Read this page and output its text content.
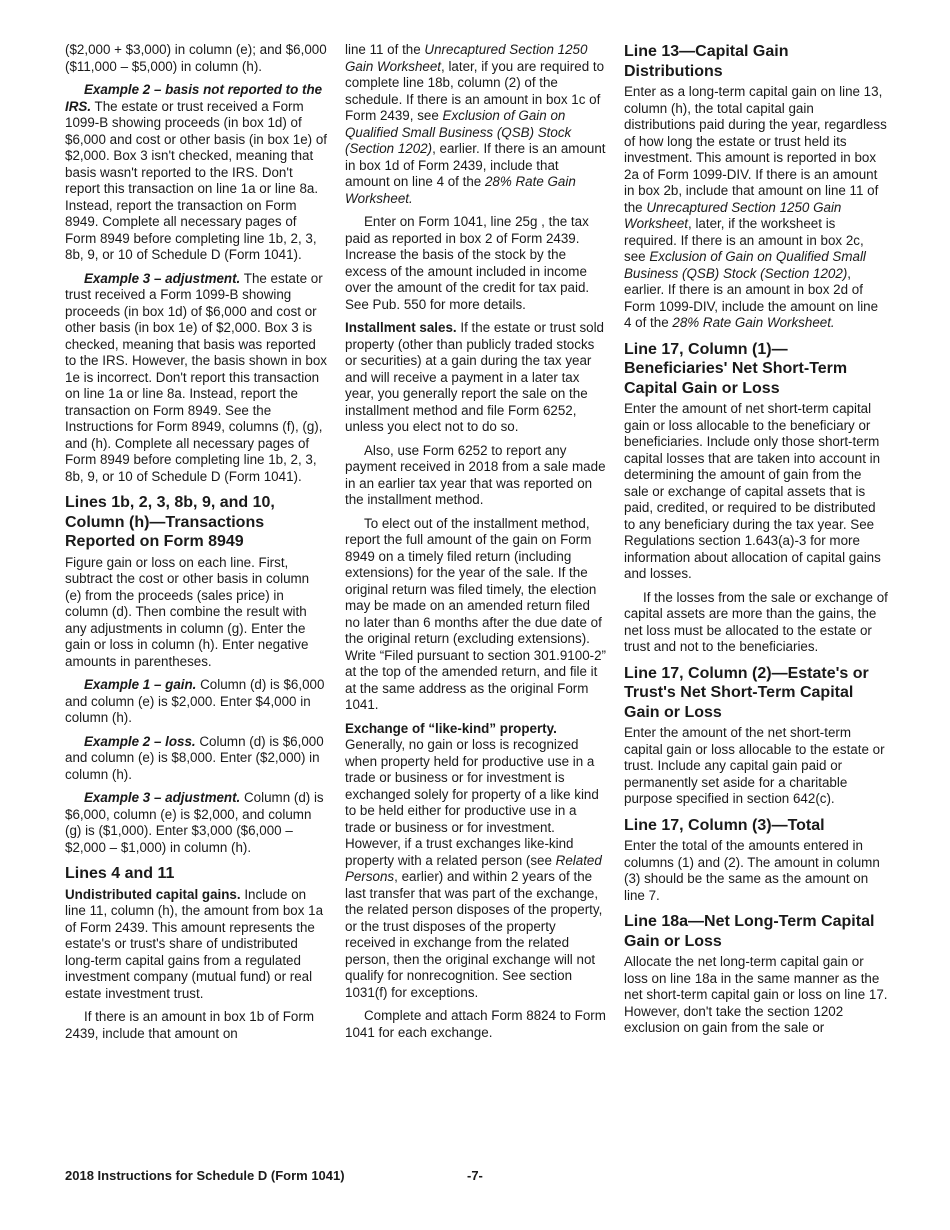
($2,000 + $3,000) in column (e); and $6,000 ($11,000 – $5,000) in column (h).

Example 2 – basis not reported to the IRS. The estate or trust received a Form 1099-B showing proceeds (in box 1d) of $6,000 and cost or other basis (in box 1e) of $2,000. Box 3 isn't checked, meaning that basis wasn't reported to the IRS. Don't report this transaction on line 1a or line 8a. Instead, report the transaction on Form 8949. Complete all necessary pages of Form 8949 before completing line 1b, 2, 3, 8b, 9, or 10 of Schedule D (Form 1041).

Example 3 – adjustment. The estate or trust received a Form 1099-B showing proceeds (in box 1d) of $6,000 and cost or other basis (in box 1e) of $2,000. Box 3 is checked, meaning that basis was reported to the IRS. However, the basis shown in box 1e is incorrect. Don't report this transaction on line 1a or line 8a. Instead, report the transaction on Form 8949. See the Instructions for Form 8949, columns (f), (g), and (h). Complete all necessary pages of Form 8949 before completing line 1b, 2, 3, 8b, 9, or 10 of Schedule D (Form 1041).

Lines 1b, 2, 3, 8b, 9, and 10, Column (h)—Transactions Reported on Form 8949

Figure gain or loss on each line. First, subtract the cost or other basis in column (e) from the proceeds (sales price) in column (d). Then combine the result with any adjustments in column (g). Enter the gain or loss in column (h). Enter negative amounts in parentheses.

Example 1 – gain. Column (d) is $6,000 and column (e) is $2,000. Enter $4,000 in column (h).

Example 2 – loss. Column (d) is $6,000 and column (e) is $8,000. Enter ($2,000) in column (h).

Example 3 – adjustment. Column (d) is $6,000, column (e) is $2,000, and column (g) is ($1,000). Enter $3,000 ($6,000 – $2,000 – $1,000) in column (h).

Lines 4 and 11

Undistributed capital gains. Include on line 11, column (h), the amount from box 1a of Form 2439. This amount represents the estate's or trust's share of undistributed long-term capital gains from a regulated investment company (mutual fund) or real estate investment trust.

If there is an amount in box 1b of Form 2439, include that amount on

line 11 of the Unrecaptured Section 1250 Gain Worksheet, later, if you are required to complete line 18b, column (2) of the schedule. If there is an amount in box 1c of Form 2439, see Exclusion of Gain on Qualified Small Business (QSB) Stock (Section 1202), earlier. If there is an amount in box 1d of Form 2439, include that amount on line 4 of the 28% Rate Gain Worksheet.

Enter on Form 1041, line 25g , the tax paid as reported in box 2 of Form 2439. Increase the basis of the stock by the excess of the amount included in income over the amount of the credit for tax paid. See Pub. 550 for more details.

Installment sales. If the estate or trust sold property (other than publicly traded stocks or securities) at a gain during the tax year and will receive a payment in a later tax year, you generally report the sale on the installment method and file Form 6252, unless you elect not to do so.

Also, use Form 6252 to report any payment received in 2018 from a sale made in an earlier tax year that was reported on the installment method.

To elect out of the installment method, report the full amount of the gain on Form 8949 on a timely filed return (including extensions) for the year of the sale. If the original return was filed timely, the election may be made on an amended return filed no later than 6 months after the due date of the original return (excluding extensions). Write “Filed pursuant to section 301.9100-2” at the top of the amended return, and file it at the same address as the original Form 1041.

Exchange of “like-kind” property.
Generally, no gain or loss is recognized when property held for productive use in a trade or business or for investment is exchanged solely for property of a like kind to be held either for productive use in a trade or business or for investment. However, if a trust exchanges like-kind property with a related person (see Related Persons, earlier) and within 2 years of the last transfer that was part of the exchange, the related person disposes of the property, or the trust disposes of the property received in exchange from the related person, then the original exchange will not qualify for nonrecognition. See section 1031(f) for exceptions.

Complete and attach Form 8824 to Form 1041 for each exchange.

Line 13—Capital Gain Distributions

Enter as a long-term capital gain on line 13, column (h), the total capital gain distributions paid during the year, regardless of how long the estate or trust held its investment. This amount is reported in box 2a of Form 1099-DIV. If there is an amount in box 2b, include that amount on line 11 of the Unrecaptured Section 1250 Gain Worksheet, later, if the worksheet is required. If there is an amount in box 2c, see Exclusion of Gain on Qualified Small Business (QSB) Stock (Section 1202), earlier. If there is an amount in box 2d of Form 1099-DIV, include the amount on line 4 of the 28% Rate Gain Worksheet.

Line 17, Column (1)—Beneficiaries' Net Short-Term Capital Gain or Loss

Enter the amount of net short-term capital gain or loss allocable to the beneficiary or beneficiaries. Include only those short-term capital losses that are taken into account in determining the amount of gain from the sale or exchange of capital assets that is paid, credited, or required to be distributed to any beneficiary during the tax year. See Regulations section 1.643(a)-3 for more information about allocation of capital gains and losses.

If the losses from the sale or exchange of capital assets are more than the gains, the net loss must be allocated to the estate or trust and not to the beneficiaries.

Line 17, Column (2)—Estate's or Trust's Net Short-Term Capital Gain or Loss

Enter the amount of the net short-term capital gain or loss allocable to the estate or trust. Include any capital gain paid or permanently set aside for a charitable purpose specified in section 642(c).

Line 17, Column (3)—Total

Enter the total of the amounts entered in columns (1) and (2). The amount in column (3) should be the same as the amount on line 7.

Line 18a—Net Long-Term Capital Gain or Loss

Allocate the net long-term capital gain or loss on line 18a in the same manner as the net short-term capital gain or loss on line 17. However, don't take the section 1202 exclusion on gain from the sale or

2018 Instructions for Schedule D (Form 1041)	-7-
